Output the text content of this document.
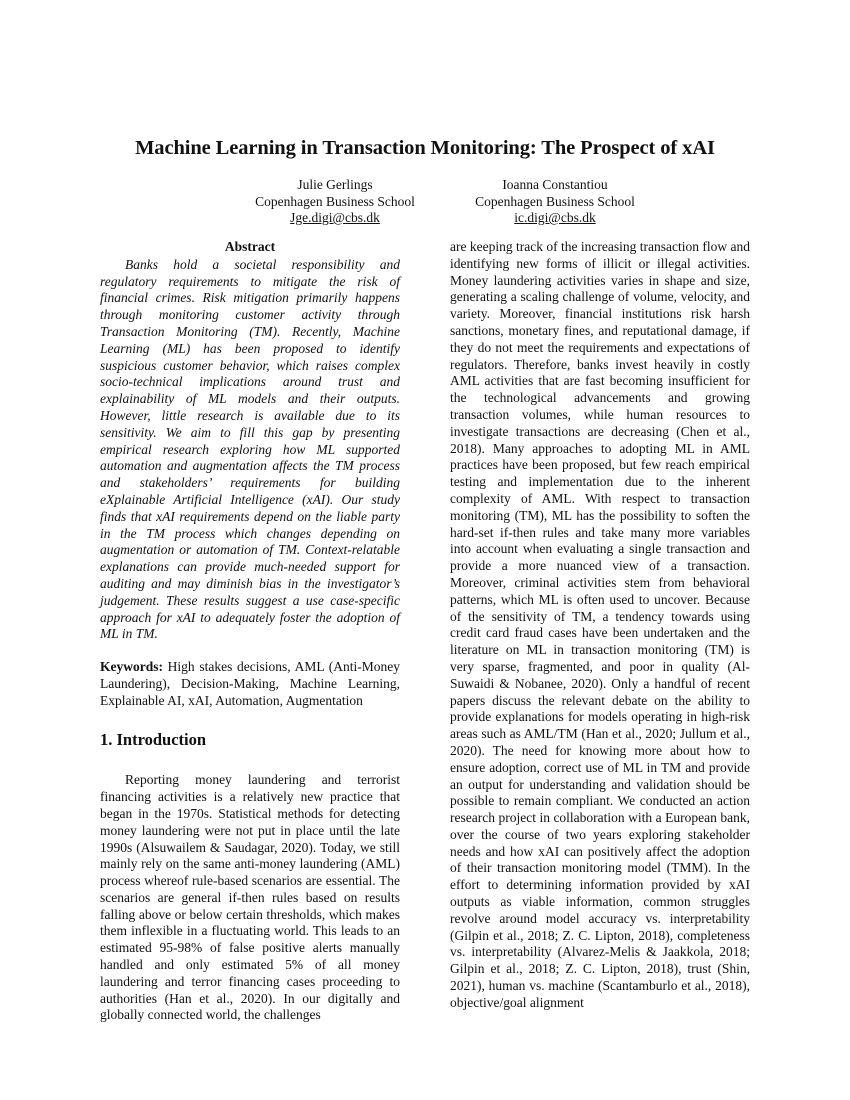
Machine Learning in Transaction Monitoring: The Prospect of xAI
Julie Gerlings
Copenhagen Business School
Jge.digi@cbs.dk
Ioanna Constantiou
Copenhagen Business School
ic.digi@cbs.dk
Abstract

Banks hold a societal responsibility and regulatory requirements to mitigate the risk of financial crimes. Risk mitigation primarily happens through monitoring customer activity through Transaction Monitoring (TM). Recently, Machine Learning (ML) has been proposed to identify suspicious customer behavior, which raises complex socio-technical implications around trust and explainability of ML models and their outputs. However, little research is available due to its sensitivity. We aim to fill this gap by presenting empirical research exploring how ML supported automation and augmentation affects the TM process and stakeholders’ requirements for building eXplainable Artificial Intelligence (xAI). Our study finds that xAI requirements depend on the liable party in the TM process which changes depending on augmentation or automation of TM. Context-relatable explanations can provide much-needed support for auditing and may diminish bias in the investigator’s judgement. These results suggest a use case-specific approach for xAI to adequately foster the adoption of ML in TM.

Keywords: High stakes decisions, AML (Anti-Money Laundering), Decision-Making, Machine Learning, Explainable AI, xAI, Automation, Augmentation

1. Introduction

Reporting money laundering and terrorist financing activities is a relatively new practice that began in the 1970s. Statistical methods for detecting money laundering were not put in place until the late 1990s (Alsuwailem & Saudagar, 2020). Today, we still mainly rely on the same anti-money laundering (AML) process whereof rule-based scenarios are essential. The scenarios are general if-then rules based on results falling above or below certain thresholds, which makes them inflexible in a fluctuating world. This leads to an estimated 95-98% of false positive alerts manually handled and only estimated 5% of all money laundering and terror financing cases proceeding to authorities (Han et al., 2020). In our digitally and globally connected world, the challenges

are keeping track of the increasing transaction flow and identifying new forms of illicit or illegal activities. Money laundering activities varies in shape and size, generating a scaling challenge of volume, velocity, and variety. Moreover, financial institutions risk harsh sanctions, monetary fines, and reputational damage, if they do not meet the requirements and expectations of regulators. Therefore, banks invest heavily in costly AML activities that are fast becoming insufficient for the technological advancements and growing transaction volumes, while human resources to investigate transactions are decreasing (Chen et al., 2018). Many approaches to adopting ML in AML practices have been proposed, but few reach empirical testing and implementation due to the inherent complexity of AML. With respect to transaction monitoring (TM), ML has the possibility to soften the hard-set if-then rules and take many more variables into account when evaluating a single transaction and provide a more nuanced view of a transaction. Moreover, criminal activities stem from behavioral patterns, which ML is often used to uncover. Because of the sensitivity of TM, a tendency towards using credit card fraud cases have been undertaken and the literature on ML in transaction monitoring (TM) is very sparse, fragmented, and poor in quality (Al-Suwaidi & Nobanee, 2020). Only a handful of recent papers discuss the relevant debate on the ability to provide explanations for models operating in high-risk areas such as AML/TM (Han et al., 2020; Jullum et al., 2020). The need for knowing more about how to ensure adoption, correct use of ML in TM and provide an output for understanding and validation should be possible to remain compliant. We conducted an action research project in collaboration with a European bank, over the course of two years exploring stakeholder needs and how xAI can positively affect the adoption of their transaction monitoring model (TMM). In the effort to determining information provided by xAI outputs as viable information, common struggles revolve around model accuracy vs. interpretability (Gilpin et al., 2018; Z. C. Lipton, 2018), completeness vs. interpretability (Alvarez-Melis & Jaakkola, 2018; Gilpin et al., 2018; Z. C. Lipton, 2018), trust (Shin, 2021), human vs. machine (Scantamburlo et al., 2018), objective/goal alignment
